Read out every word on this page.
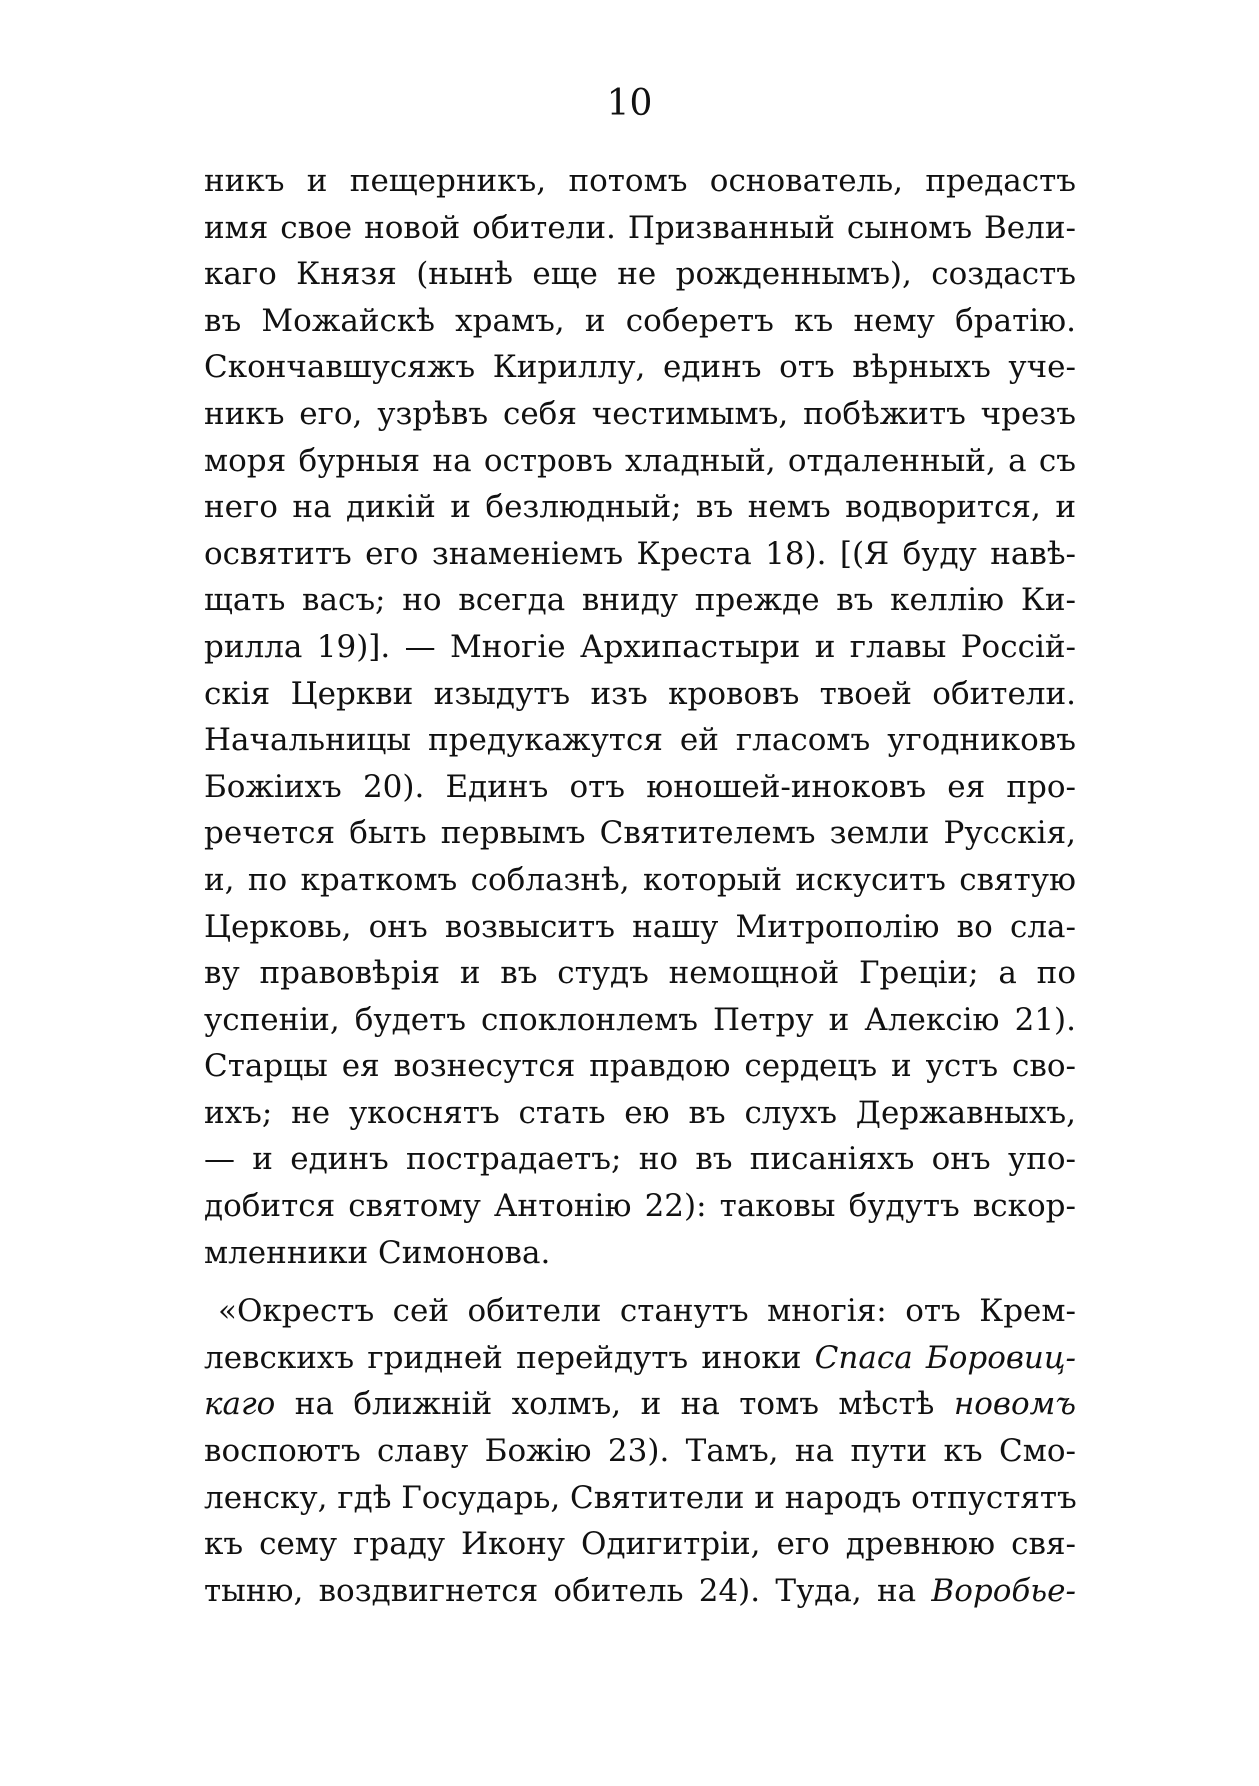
10

никъ и пещерникъ, потомъ основатель, предастъ
имя свое новой обители. Призванный сыномъ Вели-
каго Князя (нынѣ еще не рожденнымъ), создастъ
въ Можайскѣ храмъ, и соберетъ къ нему братію.
Скончавшусяжъ Кириллу, единъ отъ вѣрныхъ уче-
никъ его, узрѣвъ себя честимымъ, побѣжитъ чрезъ
моря бурныя на островъ хладный, отдаленный, а съ
него на дикій и безлюдный; въ немъ водворится, и
освятитъ его знаменіемъ Креста 18). [(Я буду навѣ-
щать васъ; но всегда вниду прежде въ келлію Ки-
рилла 19)]. — Многіе Архипастыри и главы Россій-
скія Церкви изыдутъ изъ крововъ твоей обители.
Начальницы предукажутся ей гласомъ угодниковъ
Божіихъ 20). Единъ отъ юношей-иноковъ ея про-
речется быть первымъ Святителемъ земли Русскія,
и, по краткомъ соблазнѣ, который искуситъ святую
Церковь, онъ возвыситъ нашу Митрополію во сла-
ву правовѣрія и въ студъ немощной Греціи; а по
успеніи, будетъ споклонлемъ Петру и Алексію 21).
Старцы ея вознесутся правдою сердецъ и устъ сво-
ихъ; не укоснятъ стать ею въ слухъ Державныхъ,
— и единъ пострадаетъ; но въ писаніяхъ онъ упо-
добится святому Антонію 22): таковы будутъ вскор-
мленники Симонова.

«Окрестъ сей обители станутъ многія: отъ Крем-
левскихъ гридней перейдутъ иноки Спаса Боровиц-
каго на ближній холмъ, и на томъ мѣстѣ новомъ
воспоютъ славу Божію 23). Тамъ, на пути къ Смо-
ленску, гдѣ Государь, Святители и народъ отпустятъ
къ сему граду Икону Одигитріи, его древнюю свя-
тыню, воздвигнется обитель 24). Туда, на Воробье-
